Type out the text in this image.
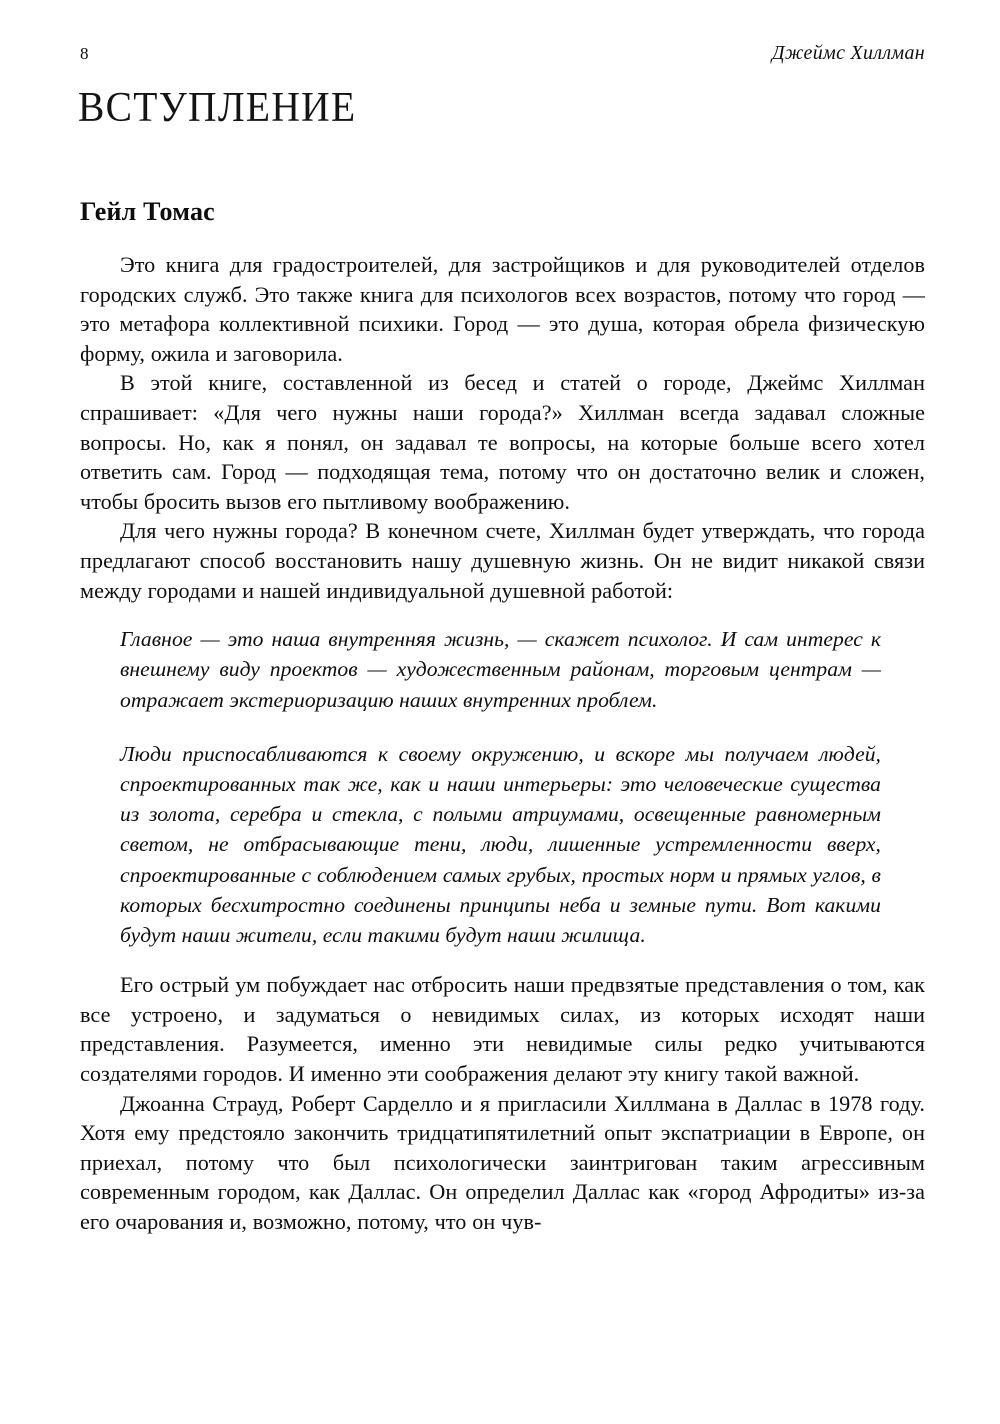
8	Джеймс Хиллман
ВСТУПЛЕНИЕ
Гейл Томас

Это книга для градостроителей, для застройщиков и для руководителей отделов городских служб. Это также книга для психологов всех возрастов, потому что город — это метафора коллективной психики. Город — это душа, которая обрела физическую форму, ожила и заговорила.

В этой книге, составленной из бесед и статей о городе, Джеймс Хиллман спрашивает: «Для чего нужны наши города?» Хиллман всегда задавал сложные вопросы. Но, как я понял, он задавал те вопросы, на которые больше всего хотел ответить сам. Город — подходящая тема, потому что он достаточно велик и сложен, чтобы бросить вызов его пытливому воображению.

Для чего нужны города? В конечном счете, Хиллман будет утверждать, что города предлагают способ восстановить нашу душевную жизнь. Он не видит никакой связи между городами и нашей индивидуальной душевной работой:

Главное — это наша внутренняя жизнь, — скажет психолог. И сам интерес к внешнему виду проектов — художественным районам, торговым центрам — отражает экстериоризацию наших внутренних проблем.

Люди приспосабливаются к своему окружению, и вскоре мы получаем людей, спроектированных так же, как и наши интерьеры: это человеческие существа из золота, серебра и стекла, с полыми атриумами, освещенные равномерным светом, не отбрасывающие тени, люди, лишенные устремленности вверх, спроектированные с соблюдением самых грубых, простых норм и прямых углов, в которых бесхитростно соединены принципы неба и земные пути. Вот какими будут наши жители, если такими будут наши жилища.

Его острый ум побуждает нас отбросить наши предвзятые представления о том, как все устроено, и задуматься о невидимых силах, из которых исходят наши представления. Разумеется, именно эти невидимые силы редко учитываются создателями городов. И именно эти соображения делают эту книгу такой важной.

Джоанна Страуд, Роберт Сарделло и я пригласили Хиллмана в Даллас в 1978 году. Хотя ему предстояло закончить тридцатипятилетний опыт экспатриации в Европе, он приехал, потому что был психологически заинтригован таким агрессивным современным городом, как Даллас. Он определил Даллас как «город Афродиты» из-за его очарования и, возможно, потому, что он чув-
